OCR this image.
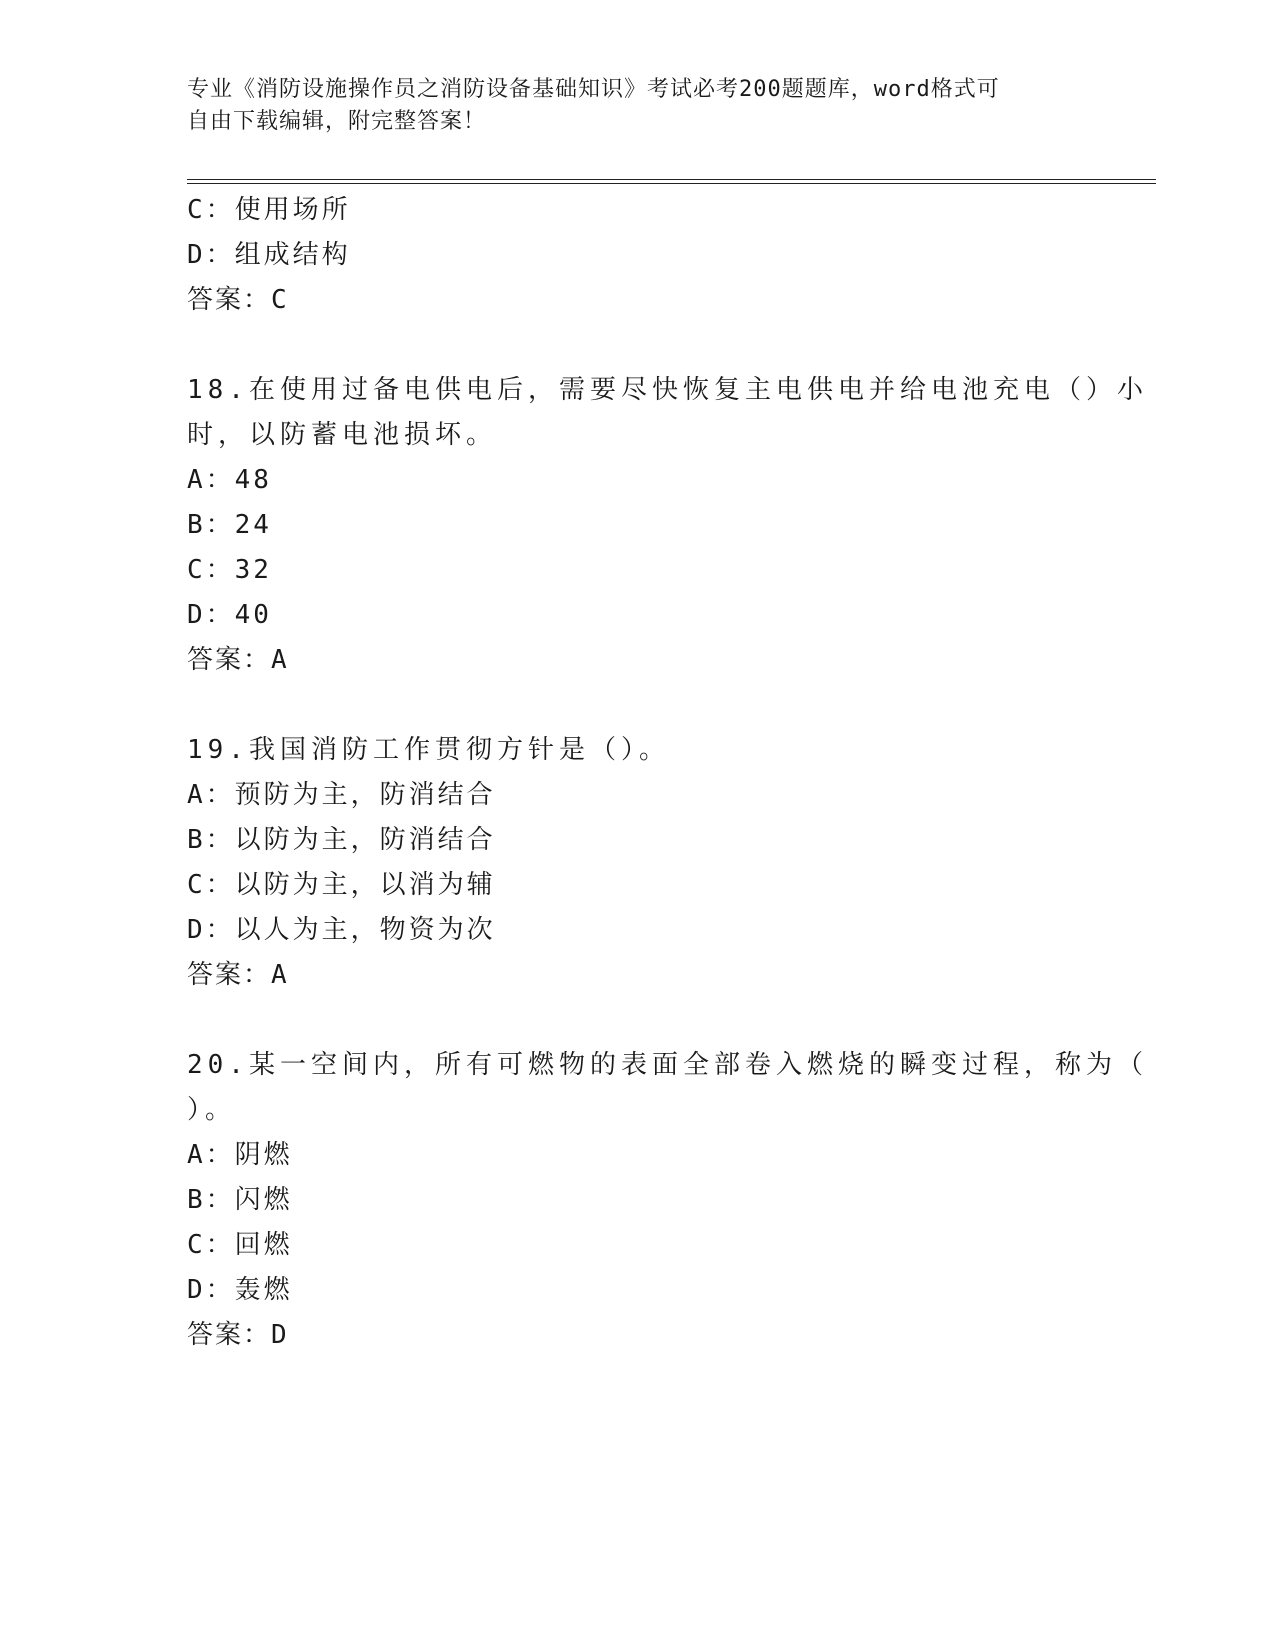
专业《消防设施操作员之消防设备基础知识》考试必考200题题库，word格式可
自由下载编辑，附完整答案！
C：使用场所
D：组成结构
答案：C
18.在使用过备电供电后，需要尽快恢复主电供电并给电池充电（）小
时，以防蓄电池损坏。
A：48
B：24
C：32
D：40
答案：A
19.我国消防工作贯彻方针是（）。
A：预防为主，防消结合
B：以防为主，防消结合
C：以防为主，以消为辅
D：以人为主，物资为次
答案：A
20.某一空间内，所有可燃物的表面全部卷入燃烧的瞬变过程，称为（
）。
A：阴燃
B：闪燃
C：回燃
D：轰燃
答案：D
